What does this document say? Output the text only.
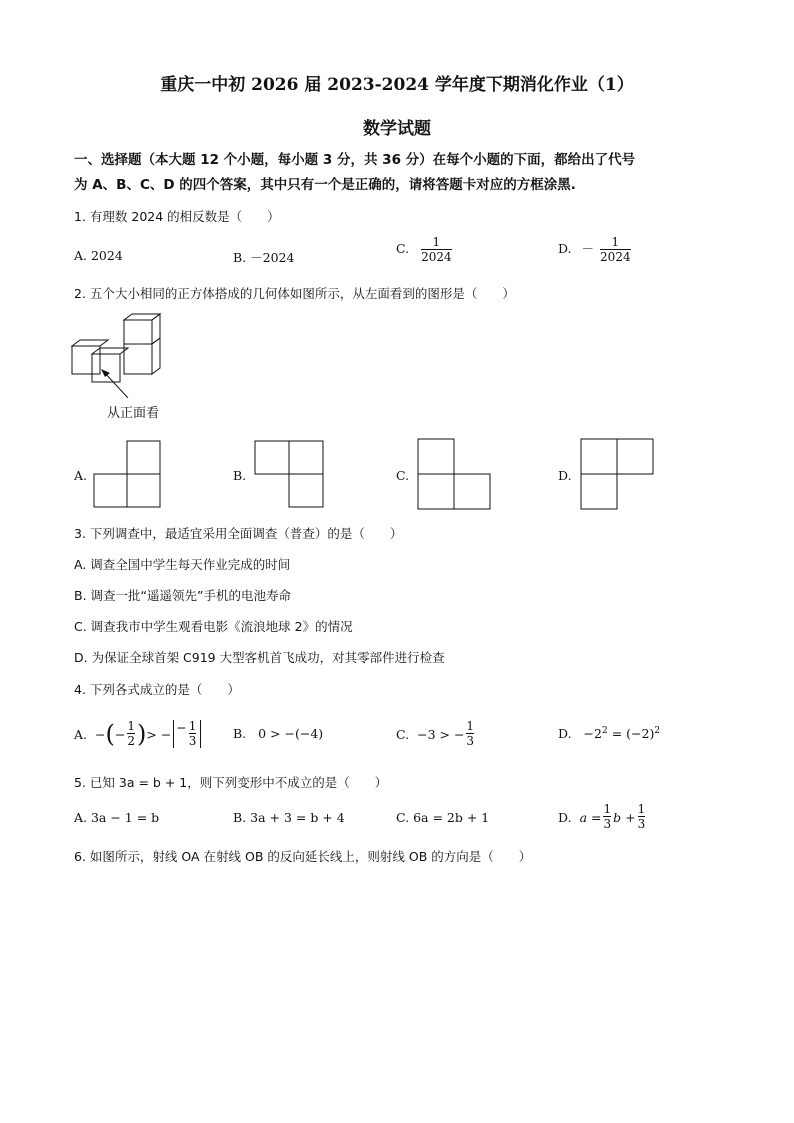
重庆一中初 2026 届 2023-2024 学年度下期消化作业（1）
数学试题
一、选择题（本大题 12 个小题，每小题 3 分，共 36 分）在每个小题的下面，都给出了代号
为 A、B、C、D 的四个答案，其中只有一个是正确的，请将答题卡对应的方框涂黑.
1. 有理数 2024 的相反数是（　　）
A. 2024	B. －2024
C. $\frac{1}{2024}$	D. － $\frac{1}{2024}$
2. 五个大小相同的正方体搭成的几何体如图所示，从左面看到的图形是（　　）
从正面看
A.	B.	C.	D.
3. 下列调查中，最适宜采用全面调查（普查）的是（　　）
A. 调查全国中学生每天作业完成的时间
B. 调查一批“遥遥领先”手机的电池寿命
C. 调查我市中学生观看电影《流浪地球 2》的情况
D. 为保证全球首架 C919 大型客机首飞成功，对其零部件进行检查
4. 下列各式成立的是（　　）
A. − ( − $\frac{1}{2}$ ) > − − $\frac{1}{3}$	B. 0 > −(−4)	C. −3 > − $\frac{1}{3}$	D. $-2^2 = (-2)^2$
5. 已知 3a = b + 1，则下列变形中不成立的是（　　）
A. 3a − 1 = b	B. 3a + 3 = b + 4	C. 6a = 2b + 1	D. $a = \frac{1}{3}$ $b + \frac{1}{3}$
6. 如图所示，射线 OA 在射线 OB 的反向延长线上，则射线 OB 的方向是（　　）
